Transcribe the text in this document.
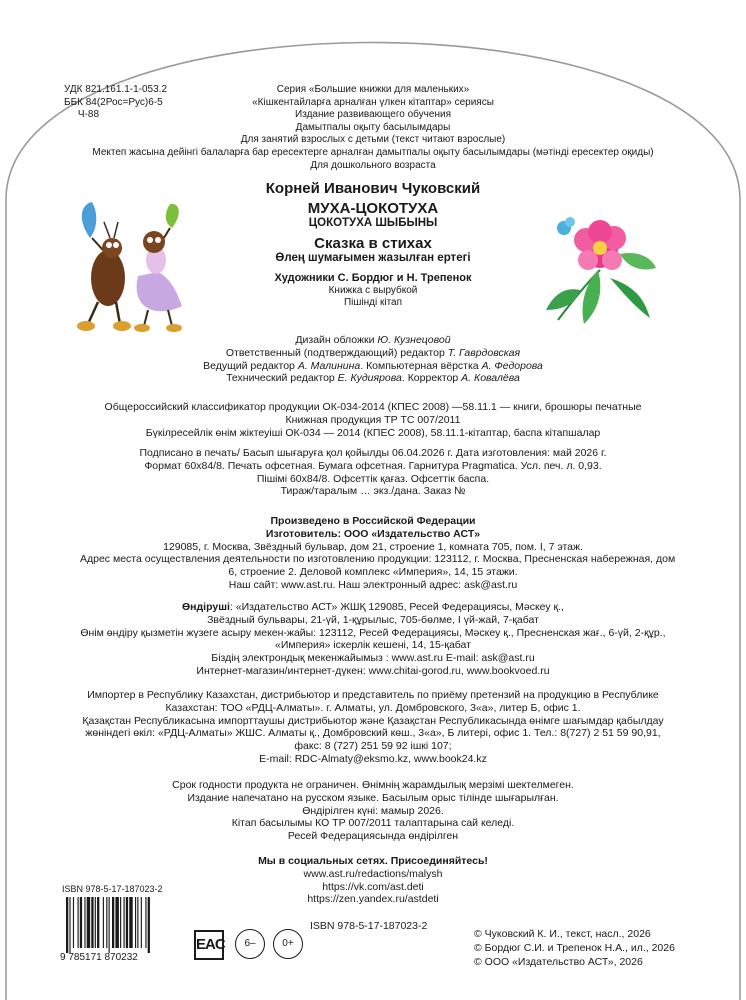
УДК 821.161.1-1-053.2
ББК 84(2Рос=Рус)6-5
Ч-88
Серия «Большие книжки для маленьких»
«Кішкентайларға арналған үлкен кітаптар» сериясы
Издание развивающего обучения
Дамытпалы оқыту басылымдары
Для занятий взрослых с детьми (текст читают взрослые)
Мектеп жасына дейінгі балаларға бар ересектерге арналған дамытпалы оқыту басылымдары (мәтінді ересектер оқиды)
Для дошкольного возраста
Корней Иванович Чуковский
МУХА-ЦОКОТУХА
ЦОКОТУХА ШЫБЫНЫ
Сказка в стихах
Өлең шумағымен жазылған ертегі
Художники С. Бордюг и Н. Трепенок
Книжка с вырубкой
Пішінді кітап
Дизайн обложки Ю. Кузнецовой
Ответственный (подтверждающий) редактор Т. Гаврдовская
Ведущий редактор А. Малинина. Компьютерная вёрстка А. Федорова
Технический редактор Е. Кудиярова. Корректор А. Ковалёва
Общероссийский классификатор продукции ОК-034-2014 (КПЕС 2008) —58.11.1 — книги, брошюры печатные
Книжная продукция ТР ТС 007/2011
Бүкілресейлік өнім жіктеуіші ОК-034 — 2014 (КПЕС 2008), 58.11.1-кітаптар, баспа кітапшалар
Подписано в печать/ Басып шығаруға қол қойылды 06.04.2026 г. Дата изготовления: май 2026 г.
Формат 60x84/8. Печать офсетная. Бумага офсетная. Гарнитура Pragmatica. Усл. печ. л. 0,93.
Пішімі 60x84/8. Офсеттік қағаз. Офсеттік баспа.
Тираж/таралым … экз./дана. Заказ №
Произведено в Российской Федерации
Изготовитель: ООО «Издательство АСТ»
129085, г. Москва, Звёздный бульвар, дом 21, строение 1, комната 705, пом. I, 7 этаж.
Адрес места осуществления деятельности по изготовлению продукции: 123112, г. Москва, Пресненская набережная, дом
6, строение 2. Деловой комплекс «Империя», 14, 15 этажи.
Наш сайт: www.ast.ru. Наш электронный адрес: ask@ast.ru
Өндіруші: «Издательство АСТ» ЖШҚ 129085, Ресей Федерациясы, Мәскеу қ.,
Звёздный бульвары, 21-үй, 1-құрылыс, 705-бөлме, I үй-жай, 7-қабат
Өнім өндіру қызметін жүзеге асыру мекен-жайы: 123112, Ресей Федерациясы, Мәскеу қ., Пресненская жағ., 6-үй, 2-құр.,
«Империя» іскерлік кешені, 14, 15-қабат
Біздің электрондық мекенжайымыз : www.ast.ru E-mail: ask@ast.ru
Интернет-магазин/интернет-дүкен: www.chitai-gorod.ru, www.bookvoed.ru
Импортер в Республику Казахстан, дистрибьютор и представитель по приёму претензий на продукцию в Республике
Казахстан: ТОО «РДЦ-Алматы». г. Алматы, ул. Домбровского, 3«а», литер Б, офис 1.
Қазақстан Республикасына импорттаушы дистрибьютор және Қазақстан Республикасында өнімге шағымдар қабылдау
жөніндегі өкіл: «РДЦ-Алматы» ЖШС. Алматы қ., Домбровский көш., 3«а», Б литері, офис 1. Тел.: 8(727) 2 51 59 90,91,
факс: 8 (727) 251 59 92 ішкі 107;
E-mail: RDC-Almaty@eksmo.kz, www.book24.kz
Срок годности продукта не ограничен. Өнімнің жарамдылық мерзімі шектелмеген.
Издание напечатано на русском языке. Басылым орыс тілінде шығарылған.
Өндірілген күні: мамыр 2026.
Кітап басылымы КО ТР 007/2011 талаптарына сай келеді.
Ресей Федерациясында өндірілген
Мы в социальных сетях. Присоединяйтесь!
www.ast.ru/redactions/malysh
https://vk.com/ast.deti
https://zen.yandex.ru/astdeti
ISBN 978-5-17-187023-2
9 785171 870232
ISBN 978-5-17-187023-2
EAC	6–	0+
© Чуковский К. И., текст, насл., 2026
© Бордюг С.И. и Трепенок Н.А., ил., 2026
© ООО «Издательство АСТ», 2026
